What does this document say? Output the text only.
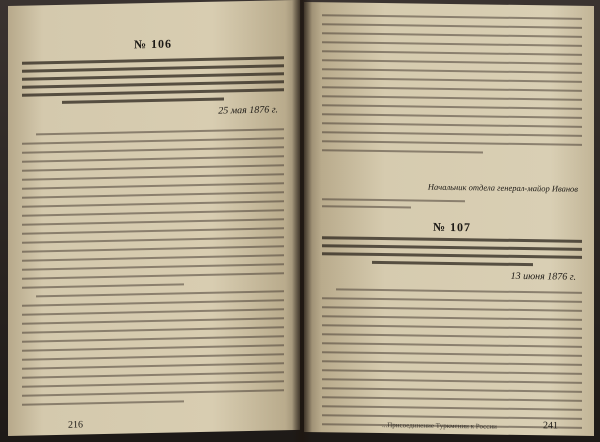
№ 106
25 мая 1876 г.
216
Начальник отдела генерал-майор Иванов
№ 107
13 июня 1876 г.
...Присоединение Туркмении к России	241
